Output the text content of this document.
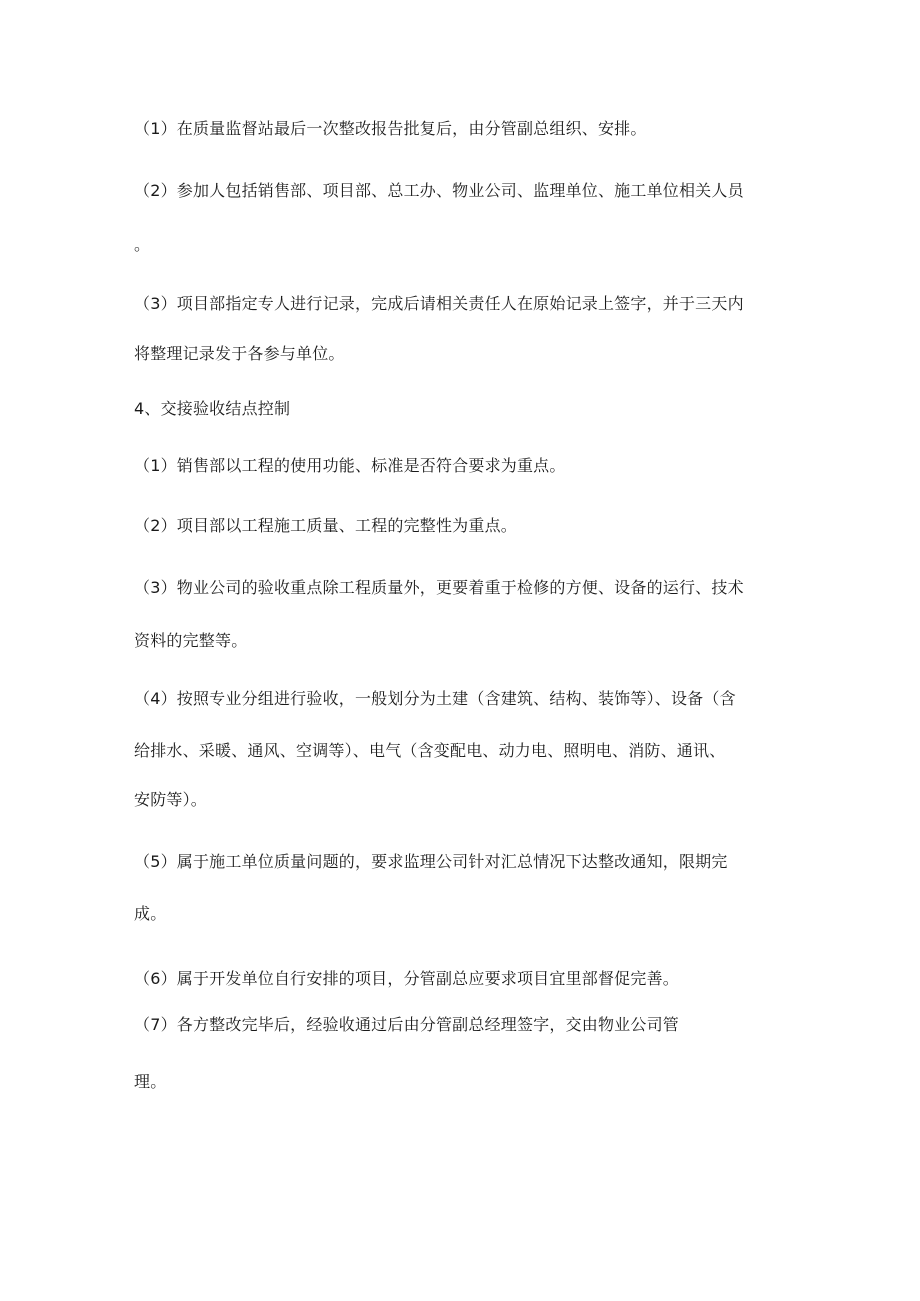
（1）在质量监督站最后一次整改报告批复后，由分管副总组织、安排。
（2）参加人包括销售部、项目部、总工办、物业公司、监理单位、施工单位相关人员
。
（3）项目部指定专人进行记录，完成后请相关责任人在原始记录上签字，并于三天内
将整理记录发于各参与单位。
4、交接验收结点控制
（1）销售部以工程的使用功能、标准是否符合要求为重点。
（2）项目部以工程施工质量、工程的完整性为重点。
（3）物业公司的验收重点除工程质量外，更要着重于检修的方便、设备的运行、技术
资料的完整等。
（4）按照专业分组进行验收，一般划分为土建（含建筑、结构、装饰等）、设备（含
给排水、采暖、通风、空调等）、电气（含变配电、动力电、照明电、消防、通讯、
安防等）。
（5）属于施工单位质量问题的，要求监理公司针对汇总情况下达整改通知，限期完
成。
（6）属于开发单位自行安排的项目，分管副总应要求项目宜里部督促完善。
（7）各方整改完毕后，经验收通过后由分管副总经理签字，交由物业公司管
理。
